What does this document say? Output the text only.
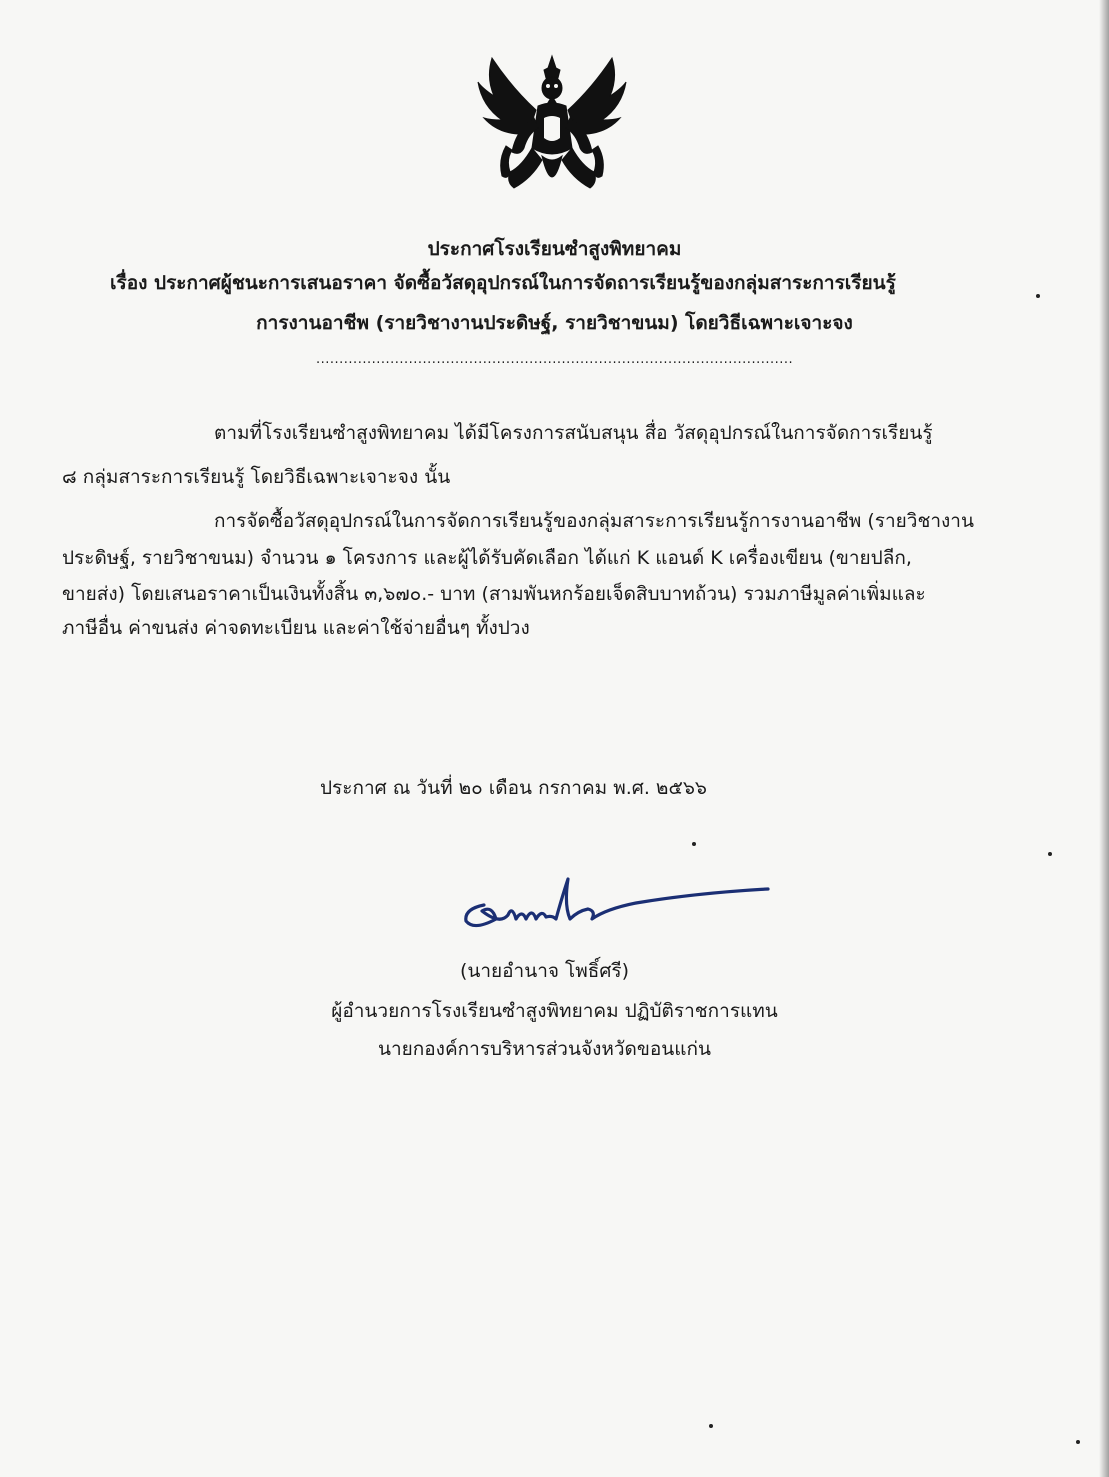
ประกาศโรงเรียนซำสูงพิทยาคม
เรื่อง ประกาศผู้ชนะการเสนอราคา จัดซื้อวัสดุอุปกรณ์ในการจัดถารเรียนรู้ของกลุ่มสาระการเรียนรู้
การงานอาชีพ (รายวิชางานประดิษฐ์, รายวิชาขนม) โดยวิธีเฉพาะเจาะจง
.......................................................................................................
ตามที่โรงเรียนซำสูงพิทยาคม ได้มีโครงการสนับสนุน สื่อ วัสดุอุปกรณ์ในการจัดการเรียนรู้
๘ กลุ่มสาระการเรียนรู้ โดยวิธีเฉพาะเจาะจง นั้น
การจัดซื้อวัสดุอุปกรณ์ในการจัดการเรียนรู้ของกลุ่มสาระการเรียนรู้การงานอาชีพ (รายวิชางาน
ประดิษฐ์, รายวิชาขนม) จำนวน ๑ โครงการ และผู้ได้รับคัดเลือก ได้แก่ K แอนด์ K เครื่องเขียน (ขายปลีก,
ขายส่ง) โดยเสนอราคาเป็นเงินทั้งสิ้น ๓,๖๗๐.- บาท (สามพันหกร้อยเจ็ดสิบบาทถ้วน) รวมภาษีมูลค่าเพิ่มและ
ภาษีอื่น ค่าขนส่ง ค่าจดทะเบียน และค่าใช้จ่ายอื่นๆ ทั้งปวง
ประกาศ ณ วันที่ ๒๐ เดือน กรกาคม พ.ศ. ๒๕๖๖
(นายอำนาจ โพธิ์ศรี)
ผู้อำนวยการโรงเรียนซำสูงพิทยาคม ปฏิบัติราชการแทน
นายกองค์การบริหารส่วนจังหวัดขอนแก่น
